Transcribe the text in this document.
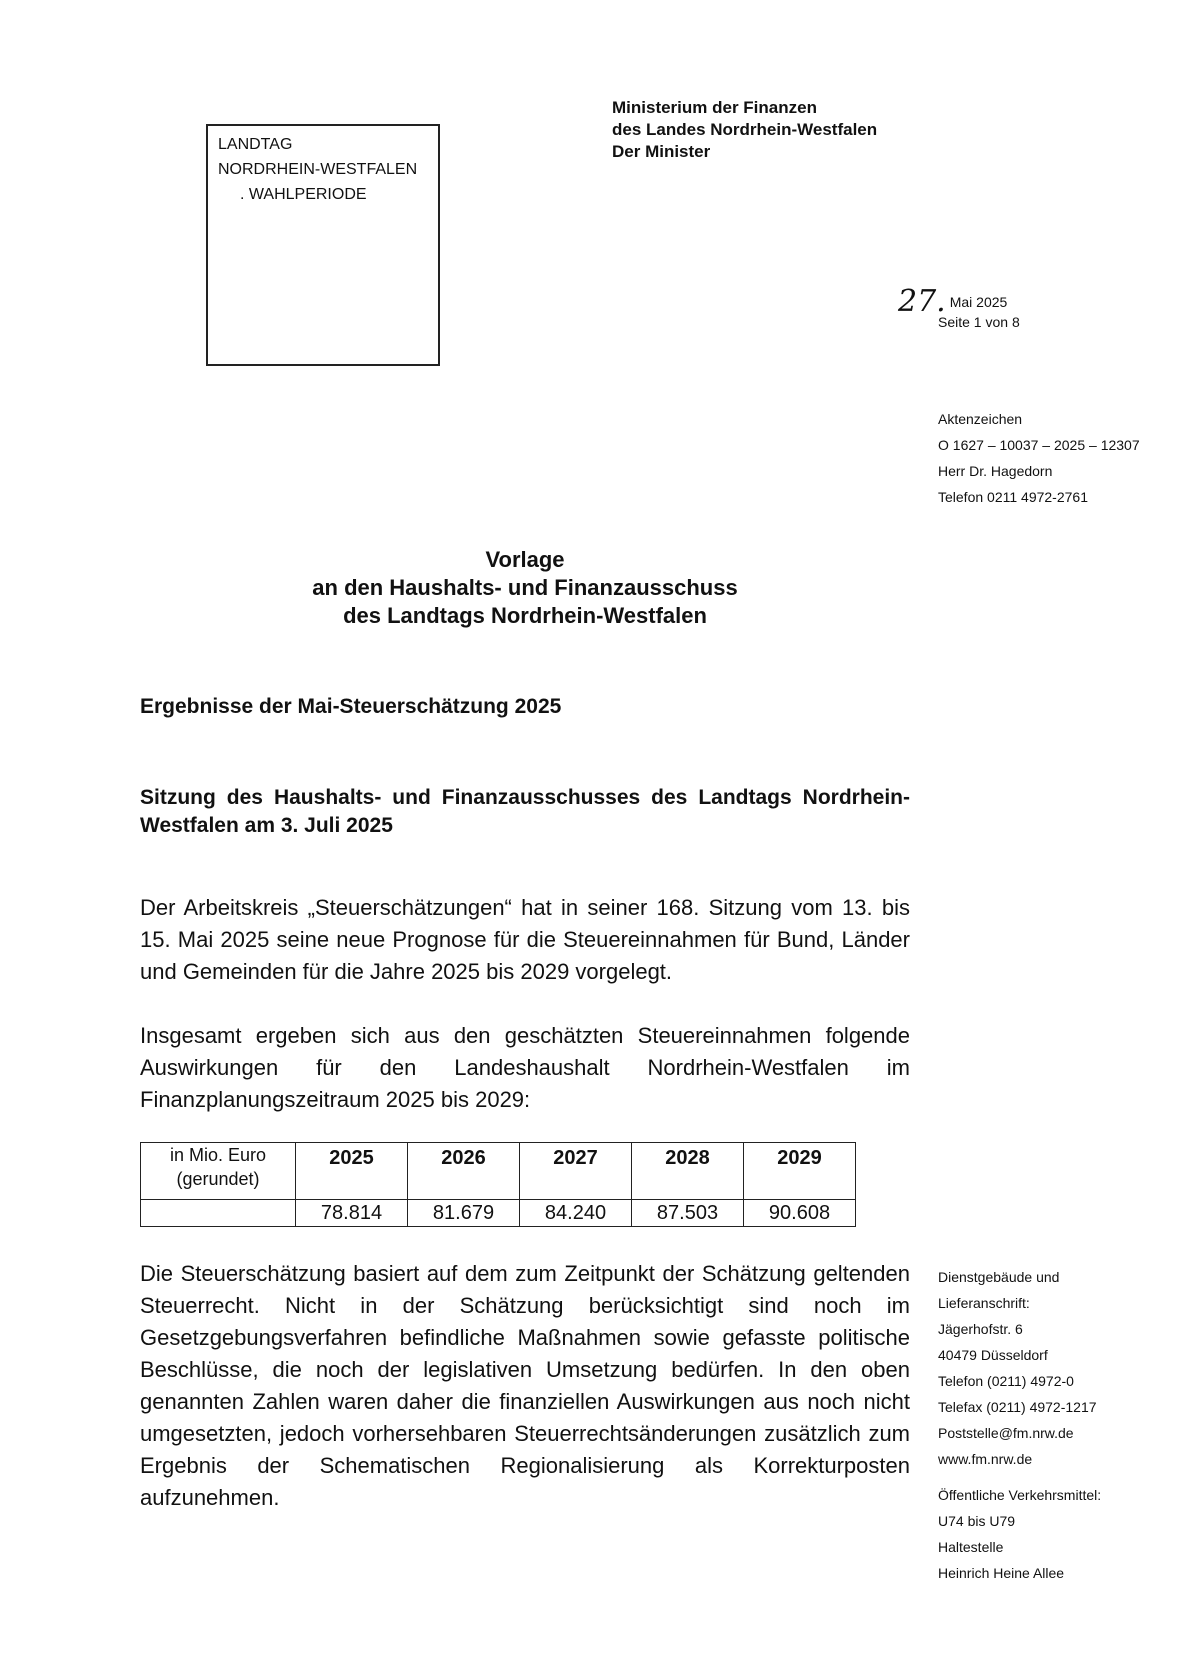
LANDTAG
NORDRHEIN-WESTFALEN
. WAHLPERIODE
Ministerium der Finanzen
des Landes Nordrhein-Westfalen
Der Minister
27. Mai 2025
Seite 1 von 8
Aktenzeichen
O 1627 – 10037 – 2025 – 12307
Herr Dr. Hagedorn
Telefon 0211 4972-2761
Vorlage
an den Haushalts- und Finanzausschuss
des Landtags Nordrhein-Westfalen
Ergebnisse der Mai-Steuerschätzung 2025
Sitzung des Haushalts- und Finanzausschusses des Landtags Nordrhein-Westfalen am 3. Juli 2025
Der Arbeitskreis „Steuerschätzungen“ hat in seiner 168. Sitzung vom 13. bis 15. Mai 2025 seine neue Prognose für die Steuereinnahmen für Bund, Länder und Gemeinden für die Jahre 2025 bis 2029 vorgelegt.
Insgesamt ergeben sich aus den geschätzten Steuereinnahmen folgende Auswirkungen für den Landeshaushalt Nordrhein-Westfalen im Finanzplanungszeitraum 2025 bis 2029:
in Mio. Euro
(gerundet)	2025	2026	2027	2028	2029
	78.814	81.679	84.240	87.503	90.608
Die Steuerschätzung basiert auf dem zum Zeitpunkt der Schätzung geltenden Steuerrecht. Nicht in der Schätzung berücksichtigt sind noch im Gesetzgebungsverfahren befindliche Maßnahmen sowie gefasste politische Beschlüsse, die noch der legislativen Umsetzung bedürfen. In den oben genannten Zahlen waren daher die finanziellen Auswirkungen aus noch nicht umgesetzten, jedoch vorhersehbaren Steuerrechtsänderungen zusätzlich zum Ergebnis der Schematischen Regionalisierung als Korrekturposten aufzunehmen.
Dienstgebäude und
Lieferanschrift:
Jägerhofstr. 6
40479 Düsseldorf
Telefon (0211) 4972-0
Telefax (0211) 4972-1217
Poststelle@fm.nrw.de
www.fm.nrw.de
Öffentliche Verkehrsmittel:
U74 bis U79
Haltestelle
Heinrich Heine Allee
